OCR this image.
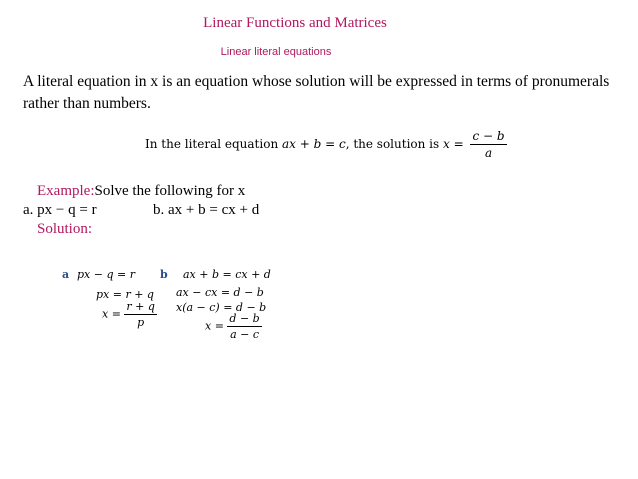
Linear Functions and Matrices
Linear literal equations
A literal equation in x is an equation whose solution will be expressed in terms of pronumerals rather than numbers.
In the literal equation ax + b = c, the solution is $x = \frac{c - b}{a}$
Example:Solve the following for x
a. px − q = r	b. ax + b = cx + d
Solution:
a px − q = r
px = r + q
$x = \frac{r + q}{p}$
b ax + b = cx + d
ax − cx = d − b
x(a − c) = d − b
$x = \frac{d - b}{a - c}$
